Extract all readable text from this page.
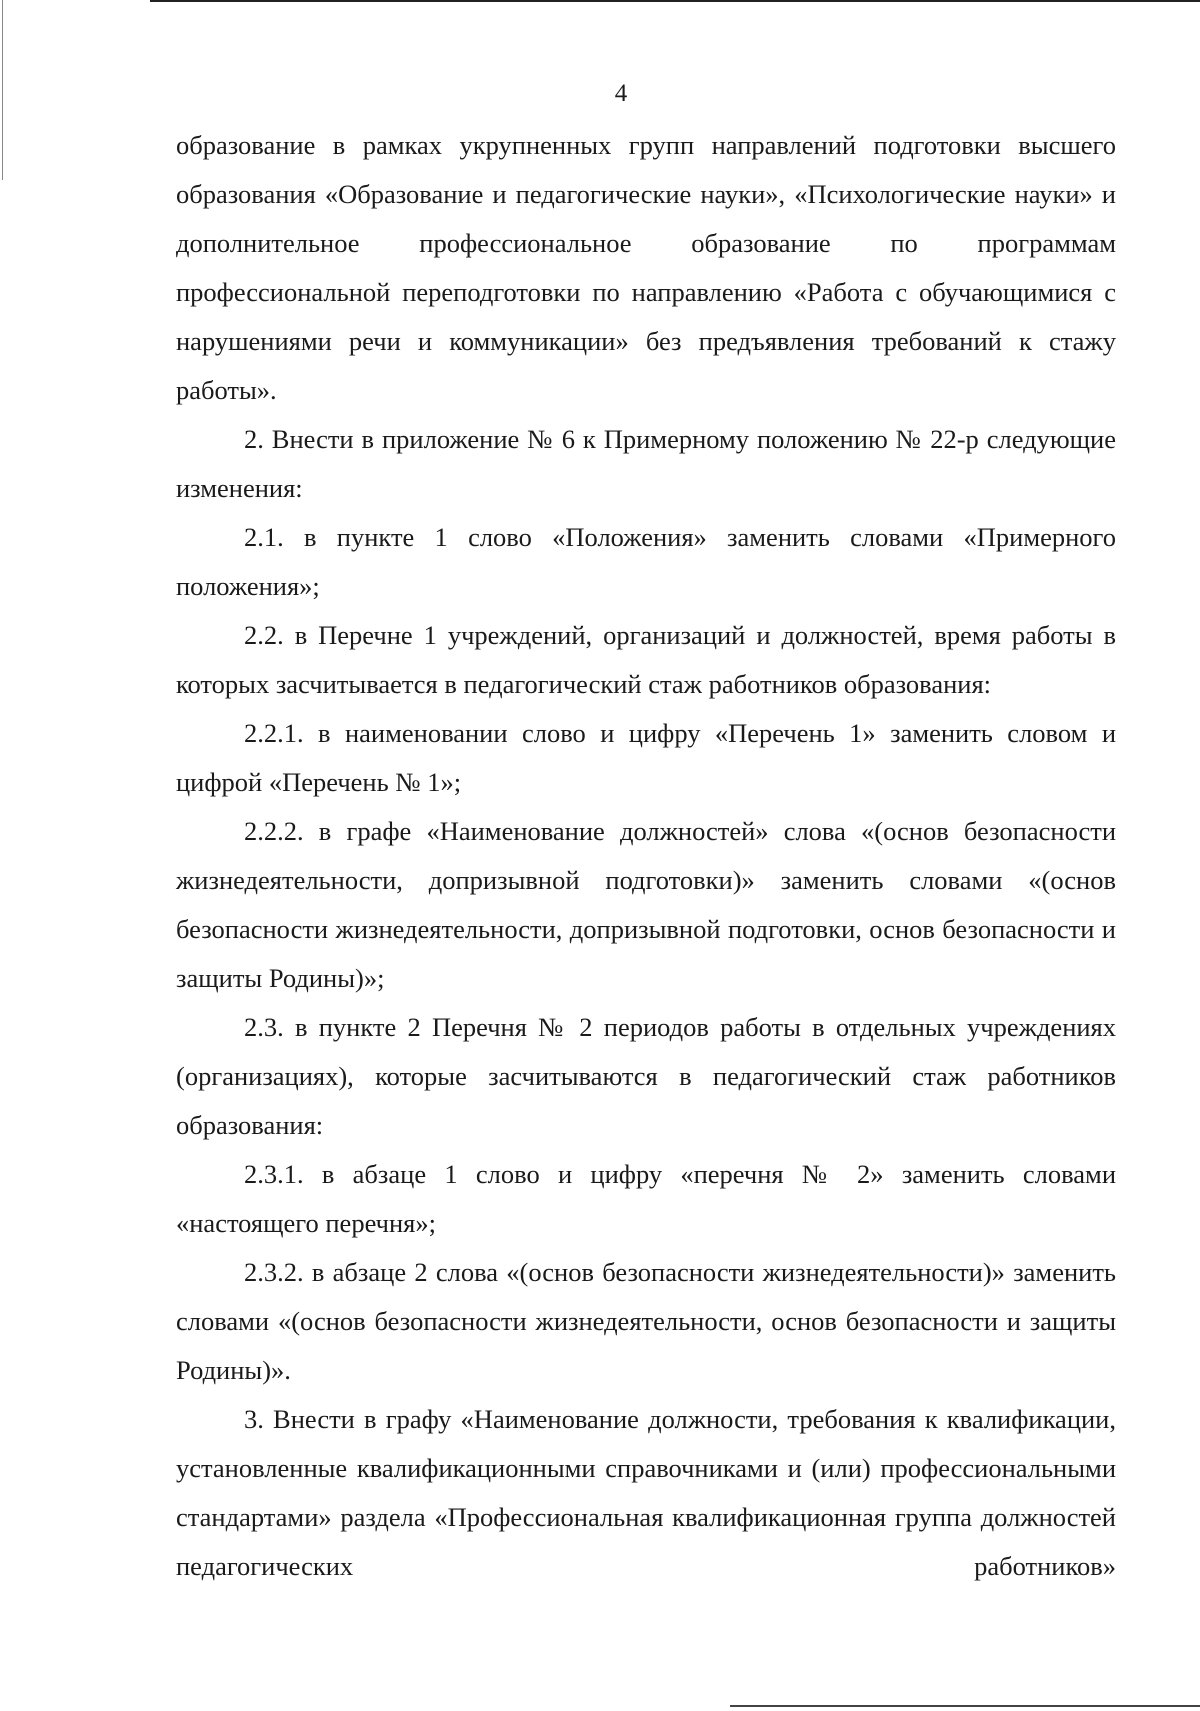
4

образование в рамках укрупненных групп направлений подготовки высшего образования «Образование и педагогические науки», «Психологические науки» и дополнительное профессиональное образование по программам профессиональной переподготовки по направлению «Работа с обучающимися с нарушениями речи и коммуникации» без предъявления требований к стажу работы».

2. Внести в приложение № 6 к Примерному положению № 22-р следующие изменения:

2.1. в пункте 1 слово «Положения» заменить словами «Примерного положения»;

2.2. в Перечне 1 учреждений, организаций и должностей, время работы в которых засчитывается в педагогический стаж работников образования:

2.2.1. в наименовании слово и цифру «Перечень 1» заменить словом и цифрой «Перечень № 1»;

2.2.2. в графе «Наименование должностей» слова «(основ безопасности жизнедеятельности, допризывной подготовки)» заменить словами «(основ безопасности жизнедеятельности, допризывной подготовки, основ безопасности и защиты Родины)»;

2.3. в пункте 2 Перечня № 2 периодов работы в отдельных учреждениях (организациях), которые засчитываются в педагогический стаж работников образования:

2.3.1. в абзаце 1 слово и цифру «перечня № 2» заменить словами «настоящего перечня»;

2.3.2. в абзаце 2 слова «(основ безопасности жизнедеятельности)» заменить словами «(основ безопасности жизнедеятельности, основ безопасности и защиты Родины)».

3. Внести в графу «Наименование должности, требования к квалификации, установленные квалификационными справочниками и (или) профессиональными стандартами» раздела «Профессиональная квалификационная группа должностей педагогических работников»
